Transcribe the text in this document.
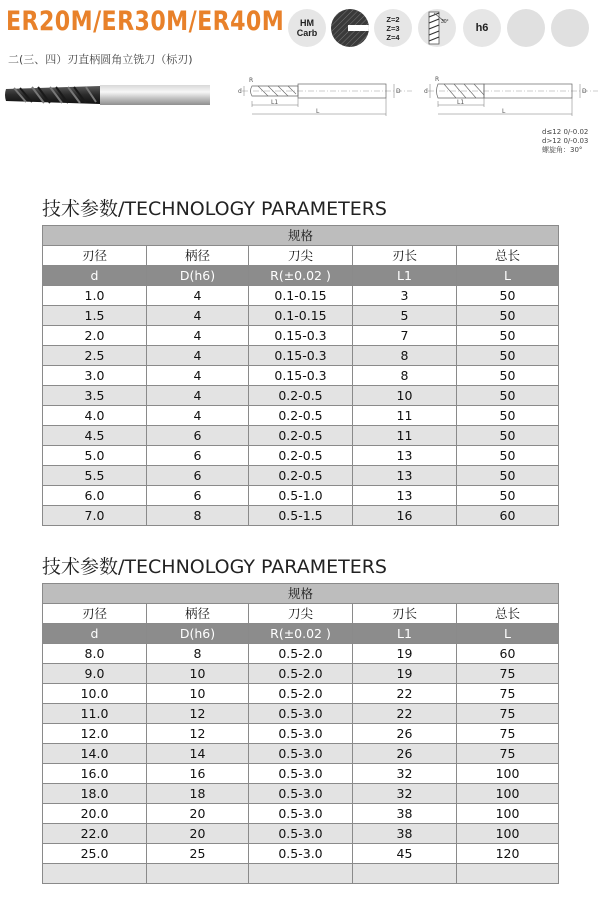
ER20M/ER30M/ER40M
二(三、四）刃直柄圆角立铣刀（标刃)
HM
Carb
Z=2
Z=3
Z=4
30° h6
R
d	D
L1
L
R
d	D
L1
L
d≤12 0/-0.02
d>12 0/-0.03
螺旋角：30°
技术参数/TECHNOLOGY PARAMETERS
规格				
刃径	柄径	刀尖	刃长	总长
d	D(h6)	R(±0.02 )	L1	L
1.0	4	0.1-0.15	3	50
1.5	4	0.1-0.15	5	50
2.0	4	0.15-0.3	7	50
2.5	4	0.15-0.3	8	50
3.0	4	0.15-0.3	8	50
3.5	4	0.2-0.5	10	50
4.0	4	0.2-0.5	11	50
4.5	6	0.2-0.5	11	50
5.0	6	0.2-0.5	13	50
5.5	6	0.2-0.5	13	50
6.0	6	0.5-1.0	13	50
7.0	8	0.5-1.5	16	60
技术参数/TECHNOLOGY PARAMETERS
规格				
刃径	柄径	刀尖	刃长	总长
d	D(h6)	R(±0.02 )	L1	L
8.0	8	0.5-2.0	19	60
9.0	10	0.5-2.0	19	75
10.0	10	0.5-2.0	22	75
11.0	12	0.5-3.0	22	75
12.0	12	0.5-3.0	26	75
14.0	14	0.5-3.0	26	75
16.0	16	0.5-3.0	32	100
18.0	18	0.5-3.0	32	100
20.0	20	0.5-3.0	38	100
22.0	20	0.5-3.0	38	100
25.0	25	0.5-3.0	45	120
